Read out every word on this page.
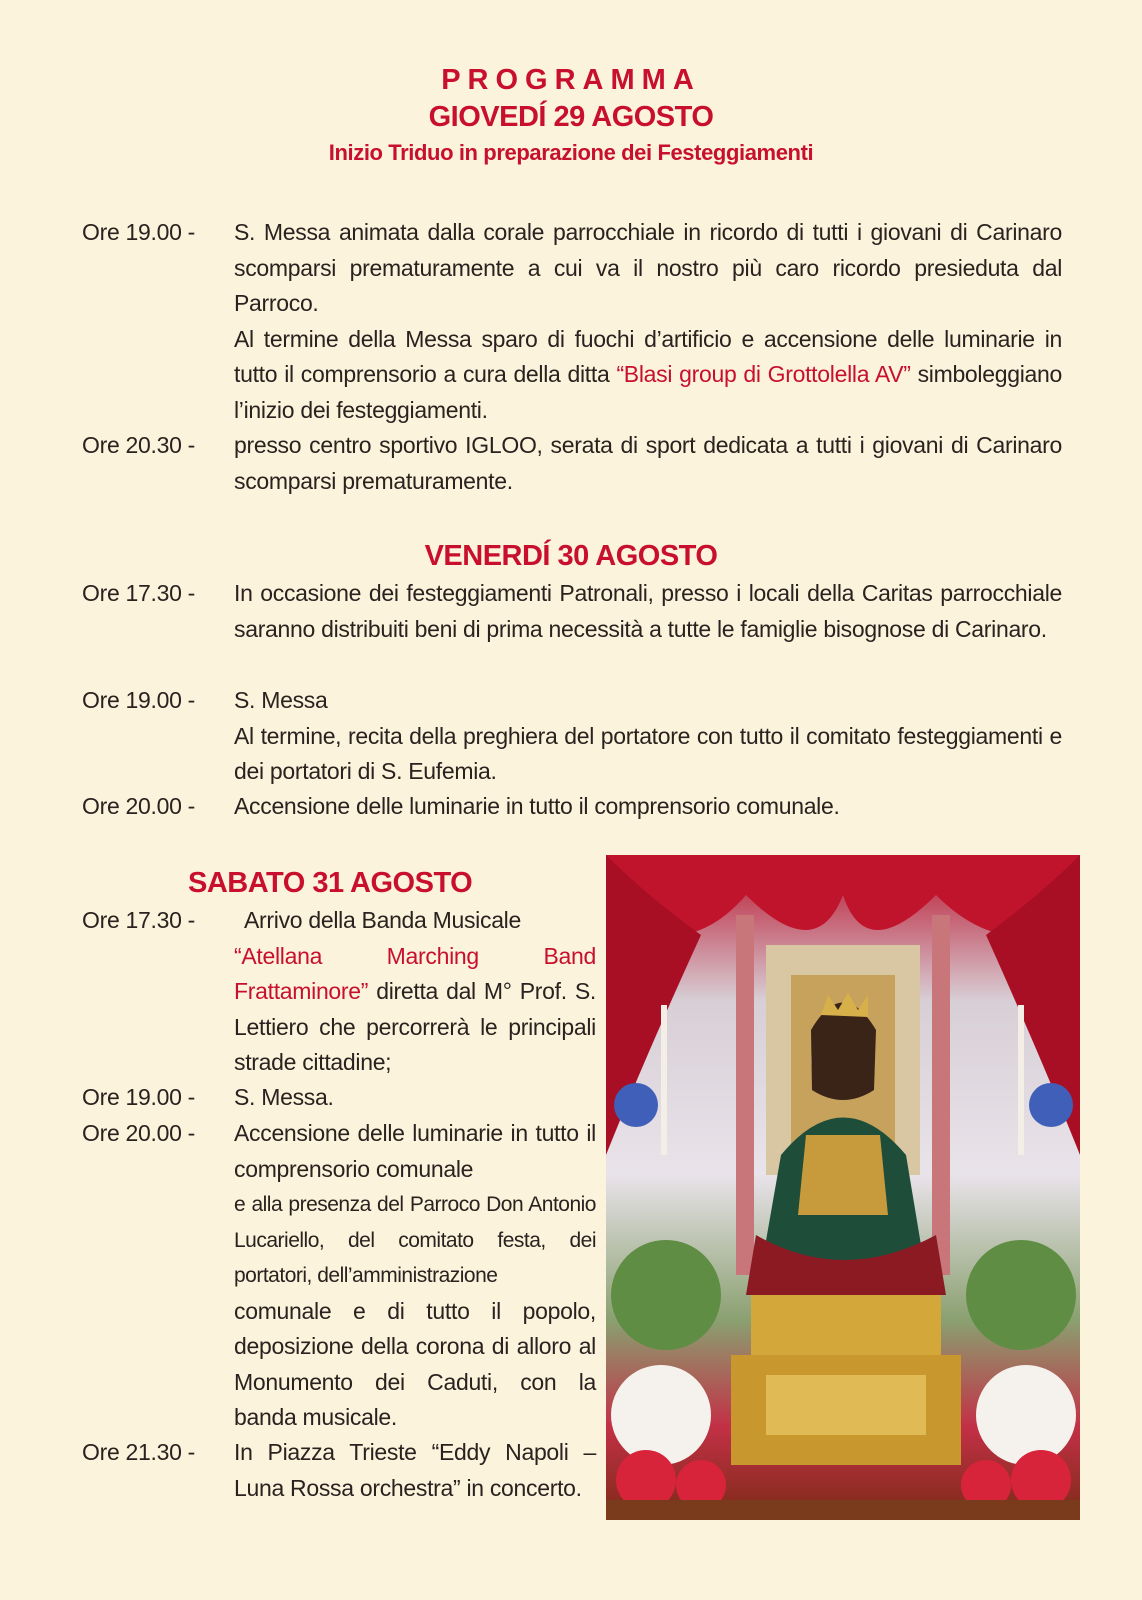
PROGRAMMA
GIOVEDÍ 29 AGOSTO
Inizio Triduo in preparazione dei Festeggiamenti
Ore 19.00 -	S. Messa animata dalla corale parrocchiale in ricordo di tutti i giovani di Carinaro scomparsi prematuramente a cui va il nostro più caro ricordo presieduta dal Parroco.

Al termine della Messa sparo di fuochi d’artificio e accensione delle luminarie in tutto il comprensorio a cura della ditta “Blasi group di Grottolella AV” simboleggiano l’inizio dei festeggiamenti.

Ore 20.30 -	presso centro sportivo IGLOO, serata di sport dedicata a tutti i giovani di Carinaro scomparsi prematuramente.

VENERDÍ 30 AGOSTO
Ore 17.30 -	In occasione dei festeggiamenti Patronali, presso i locali della Caritas parrocchiale saranno distribuiti beni di prima necessità a tutte le famiglie bisognose di Carinaro.

Ore 19.00 -	S. Messa

Al termine, recita della preghiera del portatore con tutto il comitato festeggiamenti e dei portatori di S. Eufemia.

Ore 20.00 -	Accensione delle luminarie in tutto il comprensorio comunale.

SABATO 31 AGOSTO
Ore 17.30 -	Arrivo della Banda Musicale

“Atellana Marching Band Frattaminore” diretta dal M° Prof. S. Lettiero che percorrerà le principali strade cittadine;

Ore 19.00 -	S. Messa.

Ore 20.00 -	Accensione delle luminarie in tutto il comprensorio comunale

e alla presenza del Parroco Don Antonio Lucariello, del comitato festa, dei portatori, dell’amministrazione

comunale e di tutto il popolo, deposizione della corona di alloro al Monumento dei Caduti, con la banda musicale.

Ore 21.30 -	In Piazza Trieste “Eddy Napoli – Luna Rossa orchestra” in concerto.
